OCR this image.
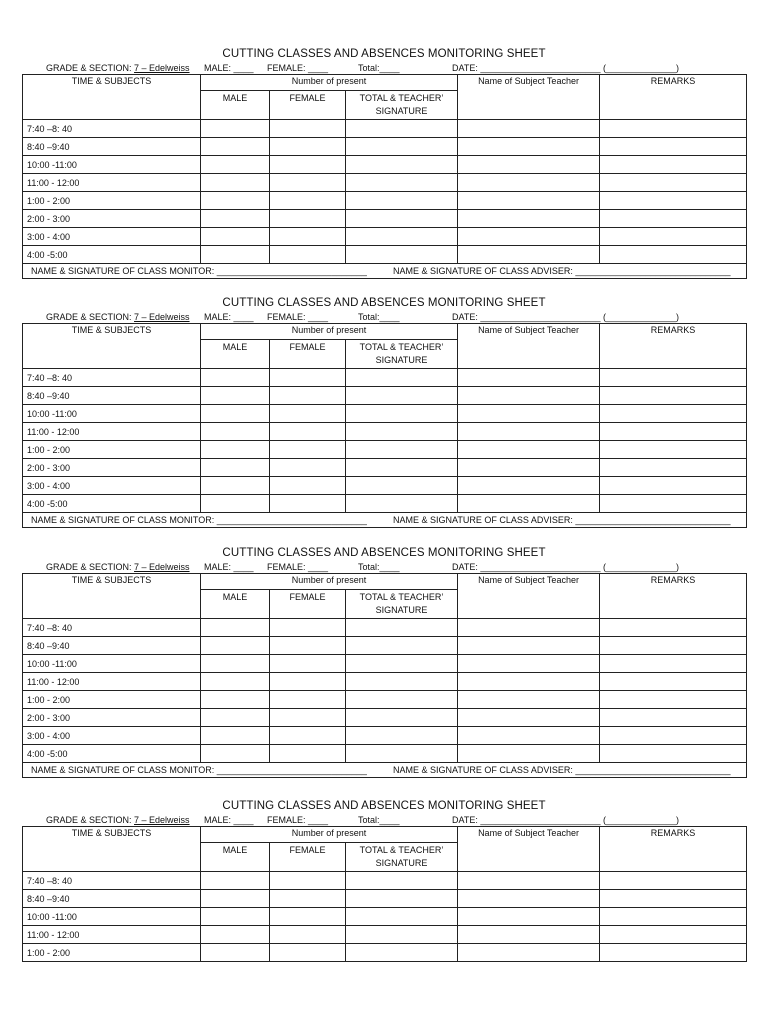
CUTTING CLASSES AND ABSENCES MONITORING SHEET
GRADE & SECTION: 7 – Edelweiss MALE: ____ FEMALE: ____	Total:____	DATE: ________________________ (______________)
TIME & SUBJECTS	Number of present			Name of Subject Teacher	REMARKS
	MALE	FEMALE	TOTAL & TEACHER’ SIGNATURE		
7:40 –8: 40					
8:40 –9:40					
10:00 -11:00					
11:00 - 12:00					
1:00 - 2:00					
2:00 - 3:00					
3:00 - 4:00					
4:00 -5:00					

NAME & SIGNATURE OF CLASS MONITOR: ______________________________ NAME & SIGNATURE OF CLASS ADVISER: _______________________________					
CUTTING CLASSES AND ABSENCES MONITORING SHEET
GRADE & SECTION: 7 – Edelweiss MALE: ____ FEMALE: ____	Total:____	DATE: ________________________ (______________)
TIME & SUBJECTS	Number of present			Name of Subject Teacher	REMARKS
	MALE	FEMALE	TOTAL & TEACHER’ SIGNATURE		
7:40 –8: 40					
8:40 –9:40					
10:00 -11:00					
11:00 - 12:00					
1:00 - 2:00					
2:00 - 3:00					
3:00 - 4:00					
4:00 -5:00					

NAME & SIGNATURE OF CLASS MONITOR: ______________________________ NAME & SIGNATURE OF CLASS ADVISER: _______________________________					
CUTTING CLASSES AND ABSENCES MONITORING SHEET
GRADE & SECTION: 7 – Edelweiss MALE: ____ FEMALE: ____	Total:____	DATE: ________________________ (______________)
TIME & SUBJECTS	Number of present			Name of Subject Teacher	REMARKS
	MALE	FEMALE	TOTAL & TEACHER’ SIGNATURE		
7:40 –8: 40					
8:40 –9:40					
10:00 -11:00					
11:00 - 12:00					
1:00 - 2:00					
2:00 - 3:00					
3:00 - 4:00					
4:00 -5:00					

NAME & SIGNATURE OF CLASS MONITOR: ______________________________ NAME & SIGNATURE OF CLASS ADVISER: _______________________________					
CUTTING CLASSES AND ABSENCES MONITORING SHEET
GRADE & SECTION: 7 – Edelweiss MALE: ____ FEMALE: ____	Total:____	DATE: ________________________ (______________)
TIME & SUBJECTS	Number of present			Name of Subject Teacher	REMARKS
	MALE	FEMALE	TOTAL & TEACHER’ SIGNATURE		
7:40 –8: 40					
8:40 –9:40					
10:00 -11:00					
11:00 - 12:00					
1:00 - 2:00					
